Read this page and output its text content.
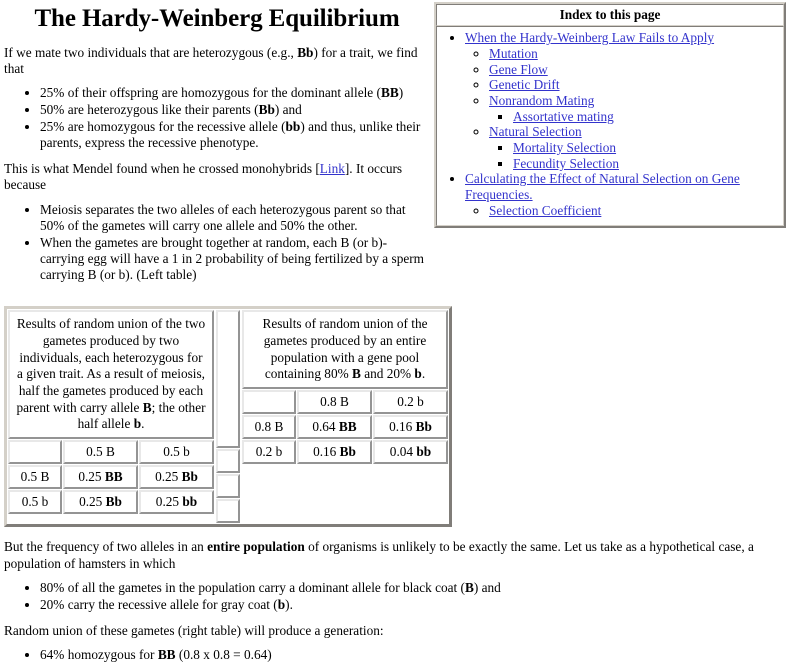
The Hardy-Weinberg Equilibrium

If we mate two individuals that are heterozygous (e.g., Bb) for a trait, we find that

• 25% of their offspring are homozygous for the dominant allele (BB)
• 50% are heterozygous like their parents (Bb) and
• 25% are homozygous for the recessive allele (bb) and thus, unlike their parents, express the recessive phenotype.

This is what Mendel found when he crossed monohybrids [Link]. It occurs because

• Meiosis separates the two alleles of each heterozygous parent so that 50% of the gametes will carry one allele and 50% the other.
• When the gametes are brought together at random, each B (or b)-carrying egg will have a 1 in 2 probability of being fertilized by a sperm carrying B (or b). (Left table)
Index to this page

• When the Hardy-Weinberg Law Fails to Apply
◦ Mutation
◦ Gene Flow
◦ Genetic Drift
◦ Nonrandom Mating
▪ Assortative mating
◦ Natural Selection
▪ Mortality Selection
▪ Fecundity Selection
• Calculating the Effect of Natural Selection on Gene Frequencies.
◦ Selection Coefficient
Results of random union of the two gametes produced by two individuals, each heterozygous for a given trait. As a result of meiosis, half the gametes produced by each parent with carry allele B; the other half allele b.
	0.5 B	0.5 b
0.5 B	0.25 BB	0.25 Bb
0.5 b	0.25 Bb	0.25 bb

Results of random union of the gametes produced by an entire population with a gene pool containing 80% B and 20% b.
	0.8 B	0.2 b
0.8 B	0.64 BB	0.16 Bb
0.2 b	0.16 Bb	0.04 bb

But the frequency of two alleles in an entire population of organisms is unlikely to be exactly the same. Let us take as a hypothetical case, a population of hamsters in which

• 80% of all the gametes in the population carry a dominant allele for black coat (B) and
• 20% carry the recessive allele for gray coat (b).

Random union of these gametes (right table) will produce a generation:

• 64% homozygous for BB (0.8 x 0.8 = 0.64)
